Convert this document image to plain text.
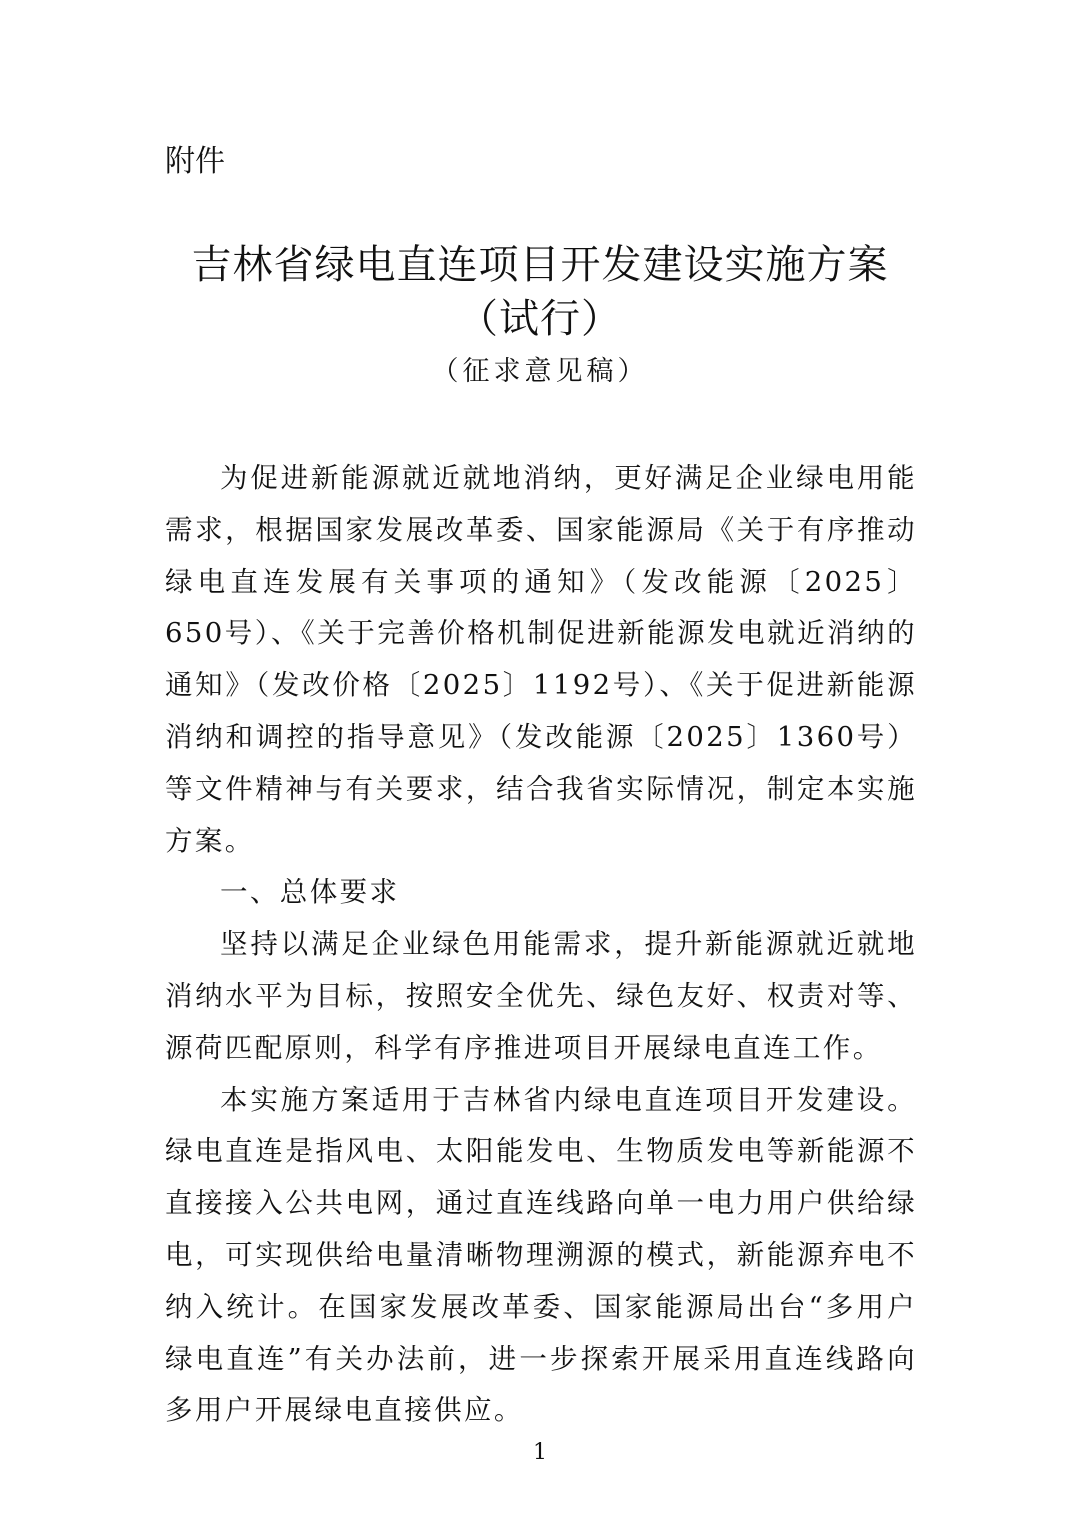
附件
吉林省绿电直连项目开发建设实施方案
（试行）
（征求意见稿）

为促进新能源就近就地消纳，更好满足企业绿电用能需求，根据国家发展改革委、国家能源局《关于有序推动绿电直连发展有关事项的通知》（发改能源〔2025〕650号）、《关于完善价格机制促进新能源发电就近消纳的通知》（发改价格〔2025〕1192号）、《关于促进新能源消纳和调控的指导意见》（发改能源〔2025〕1360号）等文件精神与有关要求，结合我省实际情况，制定本实施方案。

一、总体要求

坚持以满足企业绿色用能需求，提升新能源就近就地消纳水平为目标，按照安全优先、绿色友好、权责对等、源荷匹配原则，科学有序推进项目开展绿电直连工作。

本实施方案适用于吉林省内绿电直连项目开发建设。绿电直连是指风电、太阳能发电、生物质发电等新能源不直接接入公共电网，通过直连线路向单一电力用户供给绿电，可实现供给电量清晰物理溯源的模式，新能源弃电不纳入统计。在国家发展改革委、国家能源局出台“多用户绿电直连”有关办法前，进一步探索开展采用直连线路向多用户开展绿电直接供应。

1
